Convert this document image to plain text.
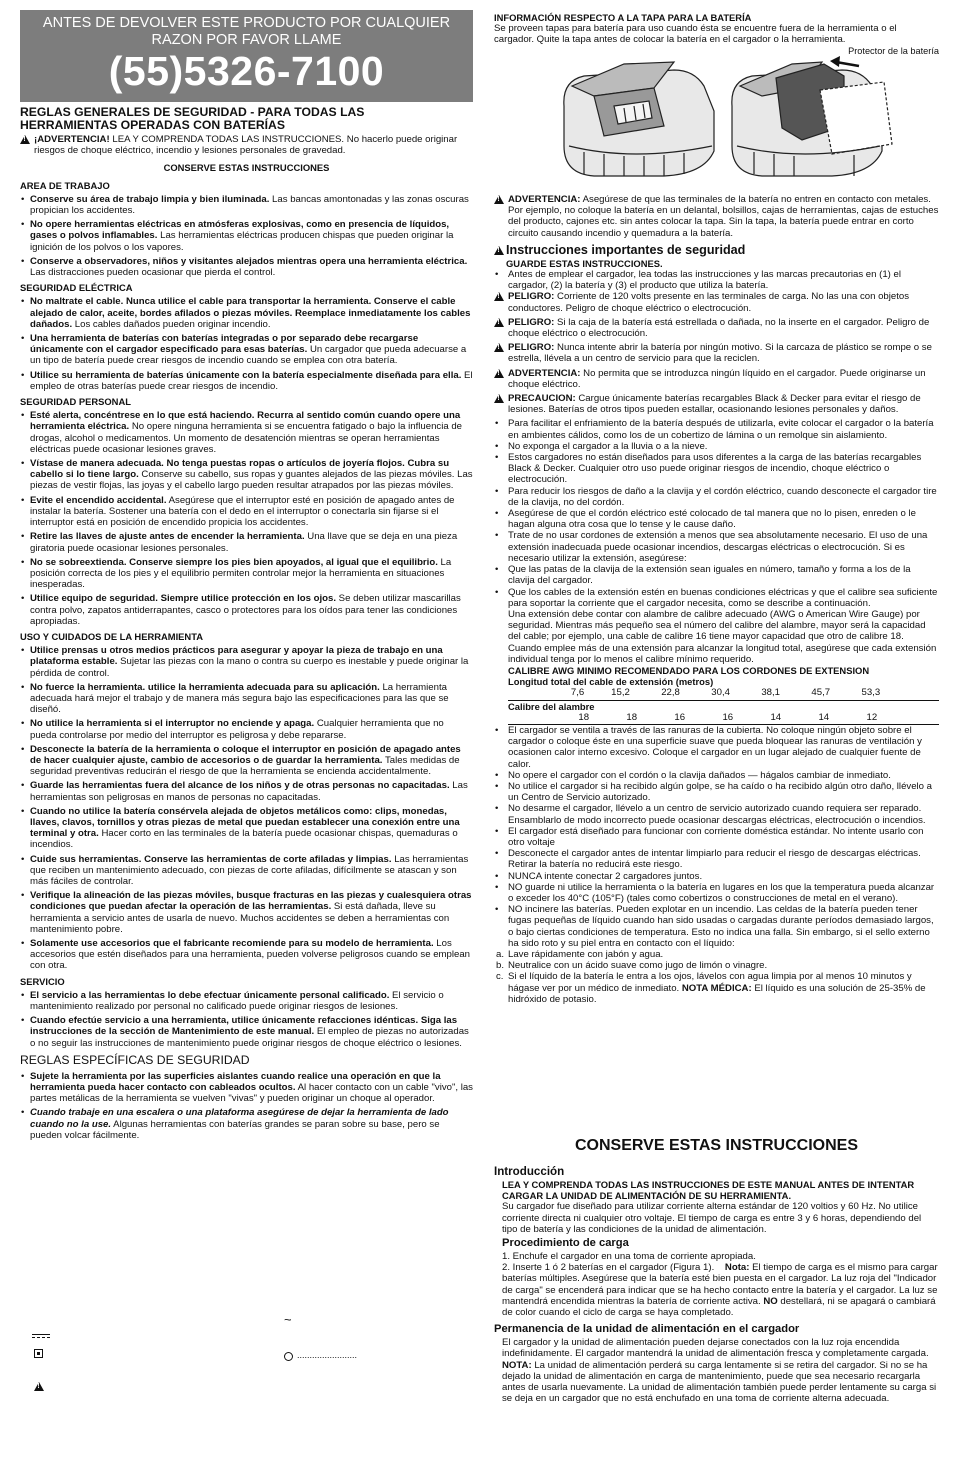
ANTES DE DEVOLVER ESTE PRODUCTO POR CUALQUIER
RAZON POR FAVOR LLAME
(55)5326-7100
REGLAS GENERALES DE SEGURIDAD - PARA TODAS LAS
HERRAMIENTAS OPERADAS CON BATERÍAS
!
¡ADVERTENCIA! LEA Y COMPRENDA TODAS LAS INSTRUCCIONES. No hacerlo puede originar riesgos de choque eléctrico, incendio y lesiones personales de gravedad.
CONSERVE ESTAS INSTRUCCIONES
AREA DE TRABAJO
• Conserve su área de trabajo limpia y bien iluminada. Las bancas amontonadas y las zonas oscuras propician los accidentes.
• No opere herramientas eléctricas en atmósferas explosivas, como en presencia de líquidos, gases o polvos inflamables. Las herramientas eléctricas producen chispas que pueden originar la ignición de los polvos o los vapores.
• Conserve a observadores, niños y visitantes alejados mientras opera una herramienta eléctrica. Las distracciones pueden ocasionar que pierda el control.
SEGURIDAD ELÉCTRICA
• No maltrate el cable. Nunca utilice el cable para transportar la herramienta. Conserve el cable alejado de calor, aceite, bordes afilados o piezas móviles. Reemplace inmediatamente los cables dañados. Los cables dañados pueden originar incendio.
• Una herramienta de baterías con baterías integradas o por separado debe recargarse únicamente con el cargador especificado para esas baterías. Un cargador que pueda adecuarse a un tipo de batería puede crear riesgos de incendio cuando se emplea con otra batería.
• Utilice su herramienta de baterías únicamente con la batería especialmente diseñada para ella. El empleo de otras baterías puede crear riesgos de incendio.
SEGURIDAD PERSONAL
• Esté alerta, concéntrese en lo que está haciendo. Recurra al sentido común cuando opere una herramienta eléctrica. No opere ninguna herramienta si se encuentra fatigado o bajo la influencia de drogas, alcohol o medicamentos. Un momento de desatención mientras se operan herramientas eléctricas puede ocasionar lesiones graves.
• Vístase de manera adecuada. No tenga puestas ropas o artículos de joyería flojos. Cubra su cabello si lo tiene largo. Conserve su cabello, sus ropas y guantes alejados de las piezas móviles. Las piezas de vestir flojas, las joyas y el cabello largo pueden resultar atrapados por las piezas móviles.
• Evite el encendido accidental. Asegúrese que el interruptor esté en posición de apagado antes de instalar la batería. Sostener una batería con el dedo en el interruptor o conectarla sin fijarse si el interruptor está en posición de encendido propicia los accidentes.
• Retire las llaves de ajuste antes de encender la herramienta. Una llave que se deja en una pieza giratoria puede ocasionar lesiones personales.
• No se sobreextienda. Conserve siempre los pies bien apoyados, al igual que el equilibrio. La posición correcta de los pies y el equilibrio permiten controlar mejor la herramienta en situaciones inesperadas.
• Utilice equipo de seguridad. Siempre utilice protección en los ojos. Se deben utilizar mascarillas contra polvo, zapatos antiderrapantes, casco o protectores para los oídos para tener las condiciones apropiadas.
USO Y CUIDADOS DE LA HERRAMIENTA
• Utilice prensas u otros medios prácticos para asegurar y apoyar la pieza de trabajo en una plataforma estable. Sujetar las piezas con la mano o contra su cuerpo es inestable y puede originar la pérdida de control.
• No fuerce la herramienta. utilice la herramienta adecuada para su aplicación. La herramienta adecuada hará mejor el trabajo y de manera más segura bajo las especificaciones para las que se diseñó.
• No utilice la herramienta si el interruptor no enciende y apaga. Cualquier herramienta que no pueda controlarse por medio del interruptor es peligrosa y debe repararse.
• Desconecte la batería de la herramienta o coloque el interruptor en posición de apagado antes de hacer cualquier ajuste, cambio de accesorios o de guardar la herramienta. Tales medidas de seguridad preventivas reducirán el riesgo de que la herramienta se encienda accidentalmente.
• Guarde las herramientas fuera del alcance de los niños y de otras personas no capacitadas. Las herramientas son peligrosas en manos de personas no capacitadas.
• Cuando no utilice la batería consérvela alejada de objetos metálicos como: clips, monedas, llaves, clavos, tornillos y otras piezas de metal que puedan establecer una conexión entre una terminal y otra. Hacer corto en las terminales de la batería puede ocasionar chispas, quemaduras o incendios.
• Cuide sus herramientas. Conserve las herramientas de corte afiladas y limpias. Las herramientas que reciben un mantenimiento adecuado, con piezas de corte afiladas, difícilmente se atascan y son más fáciles de controlar.
• Verifique la alineación de las piezas móviles, busque fracturas en las piezas y cualesquiera otras condiciones que puedan afectar la operación de las herramientas. Si está dañada, lleve su herramienta a servicio antes de usarla de nuevo. Muchos accidentes se deben a herramientas con mantenimiento pobre.
• Solamente use accesorios que el fabricante recomiende para su modelo de herramienta. Los accesorios que estén diseñados para una herramienta, pueden volverse peligrosos cuando se emplean con otra.
SERVICIO
• El servicio a las herramientas lo debe efectuar únicamente personal calificado. El servicio o mantenimiento realizado por personal no calificado puede originar riesgos de lesiones.
• Cuando efectúe servicio a una herramienta, utilice únicamente refacciones idénticas. Siga las instrucciones de la sección de Mantenimiento de este manual. El empleo de piezas no autorizadas o no seguir las instrucciones de mantenimiento puede originar riesgos de choque eléctrico o lesiones.
REGLAS ESPECÍFICAS DE SEGURIDAD
• Sujete la herramienta por las superficies aislantes cuando realice una operación en que la herramienta pueda hacer contacto con cableados ocultos. Al hacer contacto con un cable "vivo", las partes metálicas de la herramienta se vuelven "vivas" y pueden originar un choque al operador.
• Cuando trabaje en una escalera o una plataforma asegúrese de dejar la herramienta de lado cuando no la use. Algunas herramientas con baterías grandes se paran sobre su base, pero se pueden volcar fácilmente.
!
~
........................
INFORMACIÓN RESPECTO A LA TAPA PARA LA BATERÍA
Se proveen tapas para batería para uso cuando ésta se encuentre fuera de la herramienta o el cargador. Quite la tapa antes de colocar la batería en el cargador o la herramienta.
Protector de la batería
!
ADVERTENCIA: Asegúrese de que las terminales de la batería no entren en contacto con metales. Por ejemplo, no coloque la batería en un delantal, bolsillos, cajas de herramientas, cajas de estuches del producto, cajones etc. sin antes colocar la tapa. Sin la tapa, la batería puede entrar en corto circuito causando incendio y quemadura a la batería.
!Instrucciones importantes de seguridad
GUARDE ESTAS INSTRUCCIONES.
• Antes de emplear el cargador, lea todas las instrucciones y las marcas precautorias en (1) el cargador, (2) la batería y (3) el producto que utiliza la batería.
!
PELIGRO: Corriente de 120 volts presente en las terminales de carga. No las una con objetos conductores. Peligro de choque eléctrico o electrocución.
!
PELIGRO: Si la caja de la batería está estrellada o dañada, no la inserte en el cargador. Peligro de choque eléctrico o electrocución.
!
PELIGRO: Nunca intente abrir la batería por ningún motivo. Si la carcaza de plástico se rompe o se estrella, llévela a un centro de servicio para que la reciclen.
!
ADVERTENCIA: No permita que se introduzca ningún líquido en el cargador. Puede originarse un choque eléctrico.
!
PRECAUCION: Cargue únicamente baterías recargables Black & Decker para evitar el riesgo de lesiones. Baterías de otros tipos pueden estallar, ocasionando lesiones personales y daños.
• Para facilitar el enfriamiento de la batería después de utilizarla, evite colocar el cargador o la batería en ambientes cálidos, como los de un cobertizo de lámina o un remolque sin aislamiento.
• No exponga el cargador a la lluvia o a la nieve.
• Estos cargadores no están diseñados para usos diferentes a la carga de las baterías recargables Black & Decker. Cualquier otro uso puede originar riesgos de incendio, choque eléctrico o electrocución.
• Para reducir los riesgos de daño a la clavija y el cordón eléctrico, cuando desconecte el cargador tire de la clavija, no del cordón.
• Asegúrese de que el cordón eléctrico esté colocado de tal manera que no lo pisen, enreden o le hagan alguna otra cosa que lo tense y le cause daño.
• Trate de no usar cordones de extensión a menos que sea absolutamente necesario. El uso de una extensión inadecuada puede ocasionar incendios, descargas eléctricas o electrocución. Si es necesario utilizar la extensión, asegúrese:
• Que las patas de la clavija de la extensión sean iguales en número, tamaño y forma a los de la clavija del cargador.
• Que los cables de la extensión estén en buenas condiciones eléctricas y que el calibre sea suficiente para soportar la corriente que el cargador necesita, como se describe a continuación.
Una extensión debe contar con alambre de calibre adecuado (AWG o American Wire Gauge) por seguridad. Mientras más pequeño sea el número del calibre del alambre, mayor será la capacidad del cable; por ejemplo, una cable de calibre 16 tiene mayor capacidad que otro de calibre 18. Cuando emplee más de una extensión para alcanzar la longitud total, asegúrese que cada extensión individual tenga por lo menos el calibre mínimo requerido.
CALIBRE AWG MINIMO RECOMENDADO PARA LOS CORDONES DE EXTENSION
Longitud total del cable de extensión (metros)
	7,6	15,2	22,8	30,4	38,1	45,7	53,3	
Calibre del alambre
	18	18	16	16	14	14	12	
• El cargador se ventila a través de las ranuras de la cubierta. No coloque ningún objeto sobre el cargador o coloque éste en una superficie suave que pueda bloquear las ranuras de ventilación y ocasionen calor interno excesivo. Coloque el cargador en un lugar alejado de cualquier fuente de calor.
• No opere el cargador con el cordón o la clavija dañados — hágalos cambiar de inmediato.
• No utilice el cargador si ha recibido algún golpe, se ha caído o ha recibido algún otro daño, llévelo a un Centro de Servicio autorizado.
• No desarme el cargador, llévelo a un centro de servicio autorizado cuando requiera ser reparado. Ensamblarlo de modo incorrecto puede ocasionar descargas eléctricas, electrocución o incendios.
• El cargador está diseñado para funcionar con corriente doméstica estándar. No intente usarlo con otro voltaje
• Desconecte el cargador antes de intentar limpiarlo para reducir el riesgo de descargas eléctricas. Retirar la batería no reducirá este riesgo.
• NUNCA intente conectar 2 cargadores juntos.
• NO guarde ni utilice la herramienta o la batería en lugares en los que la temperatura pueda alcanzar o exceder los 40°C (105°F) (tales como cobertizos o construcciones de metal en el verano).
• NO incinere las baterías. Pueden explotar en un incendio. Las celdas de la batería pueden tener fugas pequeñas de líquido cuando han sido usadas o cargadas durante períodos demasiado largos, o bajo ciertas condiciones de temperatura. Esto no indica una falla. Sin embargo, si el sello externo ha sido roto y su piel entra en contacto con el líquido:
a. Lave rápidamente con jabón y agua.
b. Neutralice con un ácido suave como jugo de limón o vinagre.
c. Si el líquido de la batería le entra a los ojos, lávelos con agua limpia por al menos 10 minutos y hágase ver por un médico de inmediato. NOTA MÉDICA: El líquido es una solución de 25-35% de hidróxido de potasio.
CONSERVE ESTAS INSTRUCCIONES
Introducción
LEA Y COMPRENDA TODAS LAS INSTRUCCIONES DE ESTE MANUAL ANTES DE INTENTAR CARGAR LA UNIDAD DE ALIMENTACIÓN DE SU HERRAMIENTA.
Su cargador fue diseñado para utilizar corriente alterna estándar de 120 voltios y 60 Hz. No utilice corriente directa ni cualquier otro voltaje. El tiempo de carga es entre 3 y 6 horas, dependiendo del tipo de batería y las condiciones de la unidad de alimentación.
Procedimiento de carga
1. Enchufe el cargador en una toma de corriente apropiada.
2. Inserte 1 ó 2 baterías en el cargador (Figura 1). Nota: El tiempo de carga es el mismo para cargar baterías múltiples. Asegúrese que la batería esté bien puesta en el cargador. La luz roja del "Indicador de carga" se encenderá para indicar que se ha hecho contacto entre la batería y el cargador. La luz se mantendrá encendida mientras la batería de corriente activa. NO destellará, ni se apagará o cambiará de color cuando el ciclo de carga se haya completado.
Permanencia de la unidad de alimentación en el cargador
El cargador y la unidad de alimentación pueden dejarse conectados con la luz roja encendida indefinidamente. El cargador mantendrá la unidad de alimentación fresca y completamente cargada.
NOTA: La unidad de alimentación perderá su carga lentamente si se retira del cargador. Si no se ha dejado la unidad de alimentación en carga de mantenimiento, puede que sea necesario recargarla antes de usarla nuevamente. La unidad de alimentación también puede perder lentamente su carga si se deja en un cargador que no está enchufado en una toma de corriente alterna adecuada.
